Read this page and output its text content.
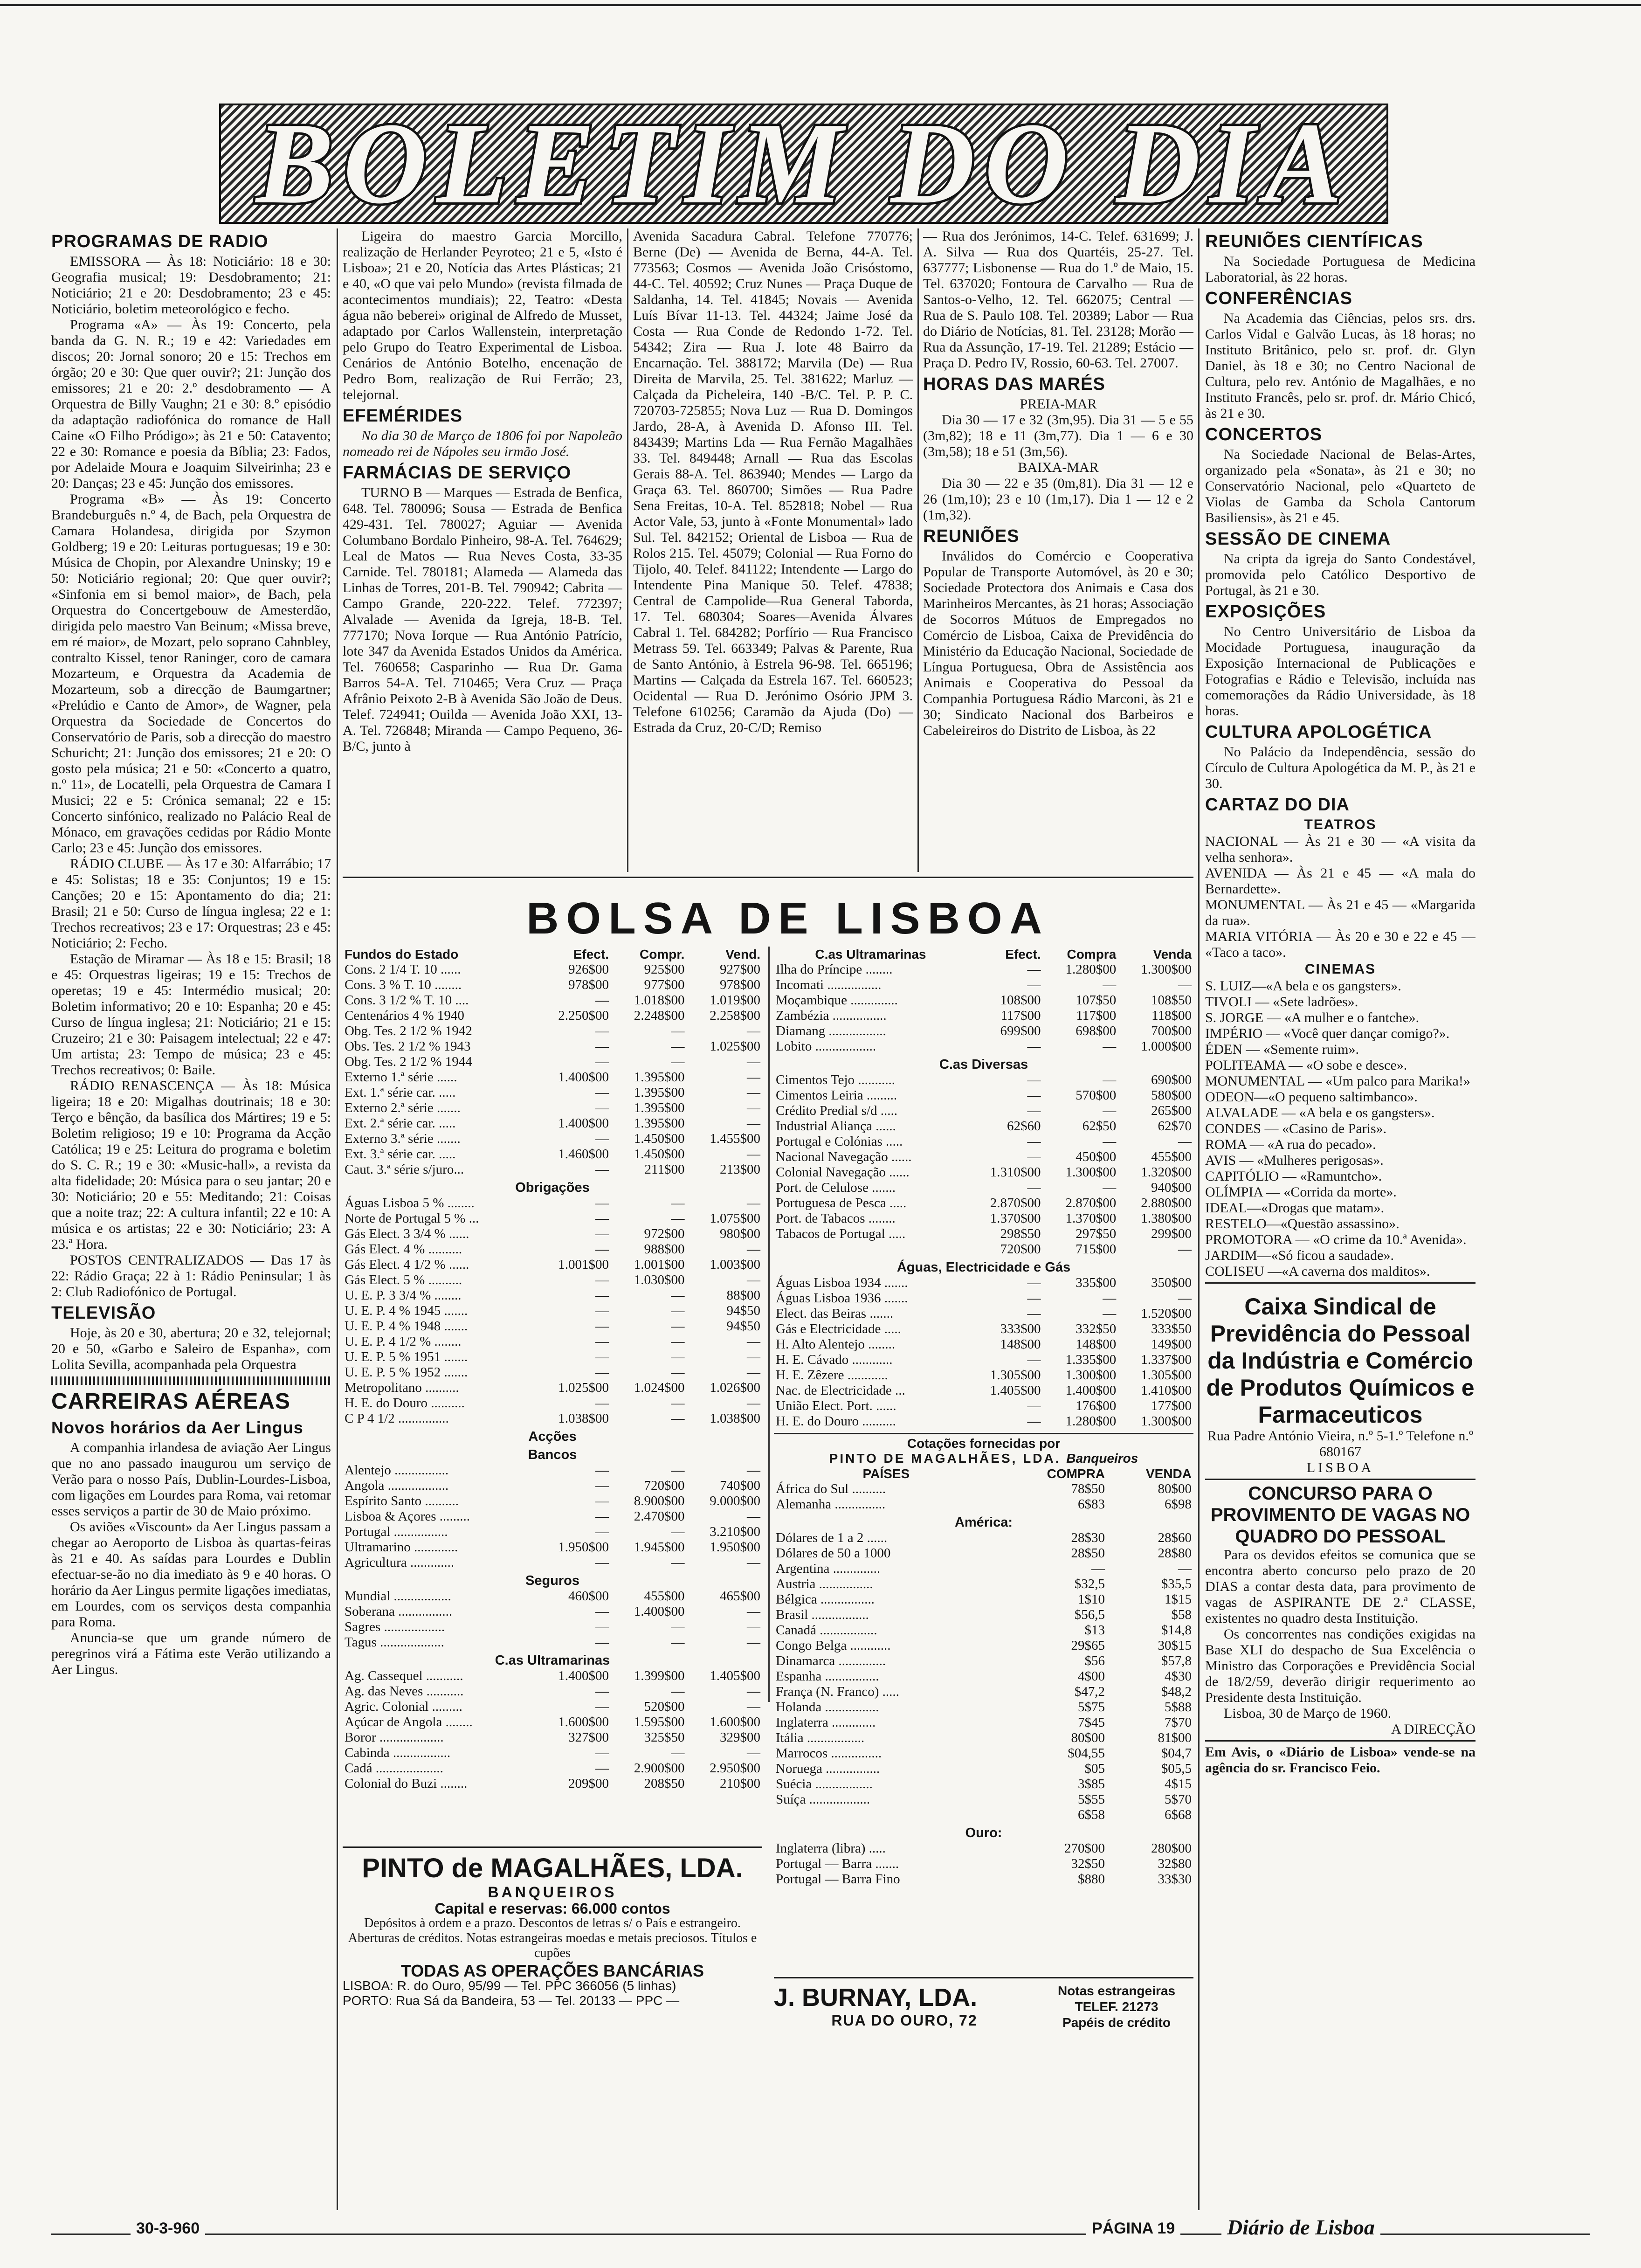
BOLETIM DO DIA
PROGRAMAS DE RADIO

EMISSORA — Às 18: Noticiário: 18 e 30: Geografia musical; 19: Desdobramento; 21: Noticiário; 21 e 20: Desdobramento; 23 e 45: Noticiário, boletim meteorológico e fecho.

Programa «A» — Às 19: Concerto, pela banda da G. N. R.; 19 e 42: Variedades em discos; 20: Jornal sonoro; 20 e 15: Trechos em órgão; 20 e 30: Que quer ouvir?; 21: Junção dos emissores; 21 e 20: 2.º desdobramento — A Orquestra de Billy Vaughn; 21 e 30: 8.º episódio da adaptação radiofónica do romance de Hall Caine «O Filho Pródigo»; às 21 e 50: Catavento; 22 e 30: Romance e poesia da Bíblia; 23: Fados, por Adelaide Moura e Joaquim Silveirinha; 23 e 20: Danças; 23 e 45: Junção dos emissores.

Programa «B» — Às 19: Concerto Brandeburguês n.º 4, de Bach, pela Orquestra de Camara Holandesa, dirigida por Szymon Goldberg; 19 e 20: Leituras portuguesas; 19 e 30: Música de Chopin, por Alexandre Uninsky; 19 e 50: Noticiário regional; 20: Que quer ouvir?; «Sinfonia em si bemol maior», de Bach, pela Orquestra do Concertgebouw de Amesterdão, dirigida pelo maestro Van Beinum; «Missa breve, em ré maior», de Mozart, pelo soprano Cahnbley, contralto Kissel, tenor Raninger, coro de camara Mozarteum, e Orquestra da Academia de Mozarteum, sob a direcção de Baumgartner; «Prelúdio e Canto de Amor», de Wagner, pela Orquestra da Sociedade de Concertos do Conservatório de Paris, sob a direcção do maestro Schuricht; 21: Junção dos emissores; 21 e 20: O gosto pela música; 21 e 50: «Concerto a quatro, n.º 11», de Locatelli, pela Orquestra de Camara I Musici; 22 e 5: Crónica semanal; 22 e 15: Concerto sinfónico, realizado no Palácio Real de Mónaco, em gravações cedidas por Rádio Monte Carlo; 23 e 45: Junção dos emissores.

RÁDIO CLUBE — Às 17 e 30: Alfarrábio; 17 e 45: Solistas; 18 e 35: Conjuntos; 19 e 15: Canções; 20 e 15: Apontamento do dia; 21: Brasil; 21 e 50: Curso de língua inglesa; 22 e 1: Trechos recreativos; 23 e 17: Orquestras; 23 e 45: Noticiário; 2: Fecho.

Estação de Miramar — Às 18 e 15: Brasil; 18 e 45: Orquestras ligeiras; 19 e 15: Trechos de operetas; 19 e 45: Intermédio musical; 20: Boletim informativo; 20 e 10: Espanha; 20 e 45: Curso de língua inglesa; 21: Noticiário; 21 e 15: Cruzeiro; 21 e 30: Paisagem intelectual; 22 e 47: Um artista; 23: Tempo de música; 23 e 45: Trechos recreativos; 0: Baile.

RÁDIO RENASCENÇA — Às 18: Música ligeira; 18 e 20: Migalhas doutrinais; 18 e 30: Terço e bênção, da basílica dos Mártires; 19 e 5: Boletim religioso; 19 e 10: Programa da Acção Católica; 19 e 25: Leitura do programa e boletim do S. C. R.; 19 e 30: «Music-hall», a revista da alta fidelidade; 20: Música para o seu jantar; 20 e 30: Noticiário; 20 e 55: Meditando; 21: Coisas que a noite traz; 22: A cultura infantil; 22 e 10: A música e os artistas; 22 e 30: Noticiário; 23: A 23.ª Hora.

POSTOS CENTRALIZADOS — Das 17 às 22: Rádio Graça; 22 à 1: Rádio Peninsular; 1 às 2: Club Radiofónico de Portugal.

TELEVISÃO

Hoje, às 20 e 30, abertura; 20 e 32, telejornal; 20 e 50, «Garbo e Saleiro de Espanha», com Lolita Sevilla, acompanhada pela Orquestra

CARREIRAS AÉREAS
Novos horários da Aer Lingus

A companhia irlandesa de aviação Aer Lingus que no ano passado inaugurou um serviço de Verão para o nosso País, Dublin-Lourdes-Lisboa, com ligações em Lourdes para Roma, vai retomar esses serviços a partir de 30 de Maio próximo.

Os aviões «Viscount» da Aer Lingus passam a chegar ao Aeroporto de Lisboa às quartas-feiras às 21 e 40. As saídas para Lourdes e Dublin efectuar-se-ão no dia imediato às 9 e 40 horas. O horário da Aer Lingus permite ligações imediatas, em Lourdes, com os serviços desta companhia para Roma.

Anuncia-se que um grande número de peregrinos virá a Fátima este Verão utilizando a Aer Lingus.

Ligeira do maestro Garcia Morcillo, realização de Herlander Peyroteo; 21 e 5, «Isto é Lisboa»; 21 e 20, Notícia das Artes Plásticas; 21 e 40, «O que vai pelo Mundo» (revista filmada de acontecimentos mundiais); 22, Teatro: «Desta água não beberei» original de Alfredo de Musset, adaptado por Carlos Wallenstein, interpretação pelo Grupo do Teatro Experimental de Lisboa. Cenários de António Botelho, encenação de Pedro Bom, realização de Rui Ferrão; 23, telejornal.

EFEMÉRIDES

No dia 30 de Março de 1806 foi por Napoleão nomeado rei de Nápoles seu irmão José.

FARMÁCIAS DE SERVIÇO

TURNO B — Marques — Estrada de Benfica, 648. Tel. 780096; Sousa — Estrada de Benfica 429-431. Tel. 780027; Aguiar — Avenida Columbano Bordalo Pinheiro, 98-A. Tel. 764629; Leal de Matos — Rua Neves Costa, 33-35 Carnide. Tel. 780181; Alameda — Alameda das Linhas de Torres, 201-B. Tel. 790942; Cabrita — Campo Grande, 220-222. Telef. 772397; Alvalade — Avenida da Igreja, 18-B. Tel. 777170; Nova Iorque — Rua António Patrício, lote 347 da Avenida Estados Unidos da América. Tel. 760658; Casparinho — Rua Dr. Gama Barros 54-A. Tel. 710465; Vera Cruz — Praça Afrânio Peixoto 2-B à Avenida São João de Deus. Telef. 724941; Ouilda — Avenida João XXI, 13-A. Tel. 726848; Miranda — Campo Pequeno, 36-B/C, junto à

Avenida Sacadura Cabral. Telefone 770776; Berne (De) — Avenida de Berna, 44-A. Tel. 773563; Cosmos — Avenida João Crisóstomo, 44-C. Tel. 40592; Cruz Nunes — Praça Duque de Saldanha, 14. Tel. 41845; Novais — Avenida Luís Bívar 11-13. Tel. 44324; Jaime José da Costa — Rua Conde de Redondo 1-72. Tel. 54342; Zira — Rua J. lote 48 Bairro da Encarnação. Tel. 388172; Marvila (De) — Rua Direita de Marvila, 25. Tel. 381622; Marluz — Calçada da Picheleira, 140 -B/C. Tel. P. P. C. 720703-725855; Nova Luz — Rua D. Domingos Jardo, 28-A, à Avenida D. Afonso III. Tel. 843439; Martins Lda — Rua Fernão Magalhães 33. Tel. 849448; Arnall — Rua das Escolas Gerais 88-A. Tel. 863940; Mendes — Largo da Graça 63. Tel. 860700; Simões — Rua Padre Sena Freitas, 10-A. Tel. 852818; Nobel — Rua Actor Vale, 53, junto à «Fonte Monumental» lado Sul. Tel. 842152; Oriental de Lisboa — Rua de Rolos 215. Tel. 45079; Colonial — Rua Forno do Tijolo, 40. Telef. 841122; Intendente — Largo do Intendente Pina Manique 50. Telef. 47838; Central de Campolide—Rua General Taborda, 17. Tel. 680304; Soares—Avenida Álvares Cabral 1. Tel. 684282; Porfírio — Rua Francisco Metrass 59. Tel. 663349; Palvas & Parente, Rua de Santo António, à Estrela 96-98. Tel. 665196; Martins — Calçada da Estrela 167. Tel. 660523; Ocidental — Rua D. Jerónimo Osório JPM 3. Telefone 610256; Caramão da Ajuda (Do) — Estrada da Cruz, 20-C/D; Remiso

— Rua dos Jerónimos, 14-C. Telef. 631699; J. A. Silva — Rua dos Quartéis, 25-27. Tel. 637777; Lisbonense — Rua do 1.º de Maio, 15. Tel. 637020; Fontoura de Carvalho — Rua de Santos-o-Velho, 12. Tel. 662075; Central — Rua de S. Paulo 108. Tel. 20389; Labor — Rua do Diário de Notícias, 81. Tel. 23128; Morão — Rua da Assunção, 17-19. Tel. 21289; Estácio — Praça D. Pedro IV, Rossio, 60-63. Tel. 27007.

HORAS DAS MARÉS
PREIA-MAR

Dia 30 — 17 e 32 (3m,95). Dia 31 — 5 e 55 (3m,82); 18 e 11 (3m,77). Dia 1 — 6 e 30 (3m,58); 18 e 51 (3m,56).

BAIXA-MAR

Dia 30 — 22 e 35 (0m,81). Dia 31 — 12 e 26 (1m,10); 23 e 10 (1m,17). Dia 1 — 12 e 2 (1m,32).

REUNIÕES

Inválidos do Comércio e Cooperativa Popular de Transporte Automóvel, às 20 e 30; Sociedade Protectora dos Animais e Casa dos Marinheiros Mercantes, às 21 horas; Associação de Socorros Mútuos de Empregados no Comércio de Lisboa, Caixa de Previdência do Ministério da Educação Nacional, Sociedade de Língua Portuguesa, Obra de Assistência aos Animais e Cooperativa do Pessoal da Companhia Portuguesa Rádio Marconi, às 21 e 30; Sindicato Nacional dos Barbeiros e Cabeleireiros do Distrito de Lisboa, às 22

REUNIÕES CIENTÍFICAS

Na Sociedade Portuguesa de Medicina Laboratorial, às 22 horas.

CONFERÊNCIAS

Na Academia das Ciências, pelos srs. drs. Carlos Vidal e Galvão Lucas, às 18 horas; no Instituto Britânico, pelo sr. prof. dr. Glyn Daniel, às 18 e 30; no Centro Nacional de Cultura, pelo rev. António de Magalhães, e no Instituto Francês, pelo sr. prof. dr. Mário Chicó, às 21 e 30.

CONCERTOS

Na Sociedade Nacional de Belas-Artes, organizado pela «Sonata», às 21 e 30; no Conservatório Nacional, pelo «Quarteto de Violas de Gamba da Schola Cantorum Basiliensis», às 21 e 45.

SESSÃO DE CINEMA

Na cripta da igreja do Santo Condestável, promovida pelo Católico Desportivo de Portugal, às 21 e 30.

EXPOSIÇÕES

No Centro Universitário de Lisboa da Mocidade Portuguesa, inauguração da Exposição Internacional de Publicações e Fotografias e Rádio e Televisão, incluída nas comemorações da Rádio Universidade, às 18 horas.

CULTURA APOLOGÉTICA

No Palácio da Independência, sessão do Círculo de Cultura Apologética da M. P., às 21 e 30.

CARTAZ DO DIA
TEATROS
NACIONAL — Às 21 e 30 — «A visita da velha senhora».
AVENIDA — Às 21 e 45 — «A mala do Bernardette».
MONUMENTAL — Às 21 e 45 — «Margarida da rua».
MARIA VITÓRIA — Às 20 e 30 e 22 e 45 — «Taco a taco».
CINEMAS
S. LUIZ—«A bela e os gangsters».
TIVOLI — «Sete ladrões».
S. JORGE — «A mulher e o fantche».
IMPÉRIO — «Você quer dançar comigo?».
ÉDEN — «Semente ruim».
POLITEAMA — «O sobe e desce».
MONUMENTAL — «Um palco para Marika!»
ODEON—«O pequeno saltimbanco».
ALVALADE — «A bela e os gangsters».
CONDES — «Casino de Paris».
ROMA — «A rua do pecado».
AVIS — «Mulheres perigosas».
CAPITÓLIO — «Ramuntcho».
OLÍMPIA — «Corrida da morte».
IDEAL—«Drogas que matam».
RESTELO—«Questão assassino».
PROMOTORA — «O crime da 10.ª Avenida».
JARDIM—«Só ficou a saudade».
COLISEU —«A caverna dos malditos».
Caixa Sindical de Previdência do Pessoal da Indústria e Comércio de Produtos Químicos e Farmaceuticos
Rua Padre António Vieira, n.º 5-1.º Telefone n.º 680167
LISBOA
CONCURSO PARA O PROVIMENTO DE VAGAS NO QUADRO DO PESSOAL

Para os devidos efeitos se comunica que se encontra aberto concurso pelo prazo de 20 DIAS a contar desta data, para provimento de vagas de ASPIRANTE DE 2.ª CLASSE, existentes no quadro desta Instituição.

Os concorrentes nas condições exigidas na Base XLI do despacho de Sua Excelência o Ministro das Corporações e Previdência Social de 18/2/59, deverão dirigir requerimento ao Presidente desta Instituição.

Lisboa, 30 de Março de 1960.

A DIRECÇÃO

Em Avis, o «Diário de Lisboa» vende-se na agência do sr. Francisco Feio.

BOLSA DE LISBOA
Fundos do Estado	Efect.	Compr.	Vend.
Cons. 2 1/4 T. 10 ......	926$00	925$00	927$00
Cons. 3 % T. 10 ........	978$00	977$00	978$00
Cons. 3 1/2 % T. 10 ....	—	1.018$00	1.019$00
Centenários 4 % 1940	2.250$00	2.248$00	2.258$00
Obg. Tes. 2 1/2 % 1942	—	—	—
Obs. Tes. 2 1/2 % 1943	—	—	1.025$00
Obg. Tes. 2 1/2 % 1944	—	—	—
Externo 1.ª série ......	1.400$00	1.395$00	—
Ext. 1.ª série car. .....	—	1.395$00	—
Externo 2.ª série .......	—	1.395$00	—
Ext. 2.ª série car. .....	1.400$00	1.395$00	—
Externo 3.ª série .......	—	1.450$00	1.455$00
Ext. 3.ª série car. .....	1.460$00	1.450$00	—
Caut. 3.ª série s/juro...	—	211$00	213$00
Obrigações			
Águas Lisboa 5 % ........	—	—	—
Norte de Portugal 5 % ...	—	—	1.075$00
Gás Elect. 3 3/4 % ......	—	972$00	980$00
Gás Elect. 4 % ..........	—	988$00	—
Gás Elect. 4 1/2 % ......	1.001$00	1.001$00	1.003$00
Gás Elect. 5 % ..........	—	1.030$00	—
U. E. P. 3 3/4 % ........	—	—	88$00
U. E. P. 4 % 1945 .......	—	—	94$50
U. E. P. 4 % 1948 .......	—	—	94$50
U. E. P. 4 1/2 % ........	—	—	—
U. E. P. 5 % 1951 .......	—	—	—
U. E. P. 5 % 1952 .......	—	—	—
Metropolitano ..........	1.025$00	1.024$00	1.026$00
H. E. do Douro ..........	—	—	—
C P 4 1/2 ...............	1.038$00	—	1.038$00
Acções			
Bancos			
Alentejo ................	—	—	—
Angola ..................	—	720$00	740$00
Espírito Santo ..........	—	8.900$00	9.000$00
Lisboa & Açores .........	—	2.470$00	—
Portugal ................	—	—	3.210$00
Ultramarino .............	1.950$00	1.945$00	1.950$00
Agricultura .............	—	—	—
Seguros			
Mundial .................	460$00	455$00	465$00
Soberana ................	—	1.400$00	—
Sagres ..................	—	—	—
Tagus ...................	—	—	—
C.as Ultramarinas			
Ag. Cassequel ...........	1.400$00	1.399$00	1.405$00
Ag. das Neves ...........	—	—	—
Agric. Colonial .........	—	520$00	—
Açúcar de Angola ........	1.600$00	1.595$00	1.600$00
Boror ...................	327$00	325$50	329$00
Cabinda .................	—	—	—
Cadá ....................	—	2.900$00	2.950$00
Colonial do Buzi ........	209$00	208$50	210$00
C.as Ultramarinas	Efect.	Compra	Venda
Ilha do Príncipe ........	—	1.280$00	1.300$00
Incomati ................	—	—	—
Moçambique ..............	108$00	107$50	108$50
Zambézia ................	117$00	117$00	118$00
Diamang .................	699$00	698$00	700$00
Lobito ..................	—	—	1.000$00
C.as Diversas			
Cimentos Tejo ...........	—	—	690$00
Cimentos Leiria .........	—	570$00	580$00
Crédito Predial s/d .....	—	—	265$00
Industrial Aliança ......	62$60	62$50	62$70
Portugal e Colónias .....	—	—	—
Nacional Navegação ......	—	450$00	455$00
Colonial Navegação ......	1.310$00	1.300$00	1.320$00
Port. de Celulose .......	—	—	940$00
Portuguesa de Pesca .....	2.870$00	2.870$00	2.880$00
Port. de Tabacos ........	1.370$00	1.370$00	1.380$00
Tabacos de Portugal .....	298$50	297$50	299$00
	720$00	715$00	—
Águas, Electricidade e Gás			
Águas Lisboa 1934 .......	—	335$00	350$00
Águas Lisboa 1936 .......	—	—	—
Elect. das Beiras .......	—	—	1.520$00
Gás e Electricidade .....	333$00	332$50	333$50
H. Alto Alentejo ........	148$00	148$00	149$00
H. E. Cávado ............	—	1.335$00	1.337$00
H. E. Zêzere ............	1.305$00	1.300$00	1.305$00
Nac. de Electricidade ...	1.405$00	1.400$00	1.410$00
União Elect. Port. ......	—	176$00	177$00
H. E. do Douro ..........	—	1.280$00	1.300$00
Cotações fornecidas por
PINTO DE MAGALHÃES, LDA. Banqueiros
PAÍSES	COMPRA	VENDA
África do Sul ..........	78$50	80$00
Alemanha ...............	6$83	6$98
América:		
Dólares de 1 a 2 ......	28$30	28$60
Dólares de 50 a 1000	28$50	28$80
Argentina ..............	—	—
Austria ................	$32,5	$35,5
Bélgica ................	1$10	1$15
Brasil .................	$56,5	$58
Canadá .................	$13	$14,8
Congo Belga ............	29$65	30$15
Dinamarca ..............	$56	$57,8
Espanha ................	4$00	4$30
França (N. Franco) .....	$47,2	$48,2
Holanda ................	5$75	5$88
Inglaterra .............	7$45	7$70
Itália .................	80$00	81$00
Marrocos ...............	$04,55	$04,7
Noruega ................	$05	$05,5
Suécia .................	3$85	4$15
Suíça ..................	5$55	5$70
	6$58	6$68
Ouro:		
Inglaterra (libra) .....	270$00	280$00
Portugal — Barra .......	32$50	32$80
Portugal — Barra Fino	$880	33$30
PINTO de MAGALHÃES, LDA.
BANQUEIROS
Capital e reservas: 66.000 contos
Depósitos à ordem e a prazo. Descontos de letras s/ o País e estrangeiro. Aberturas de créditos. Notas estrangeiras moedas e metais preciosos. Títulos e cupões
TODAS AS OPERAÇÕES BANCÁRIAS
LISBOA: R. do Ouro, 95/99 — Tel. PPC 366056 (5 linhas)
PORTO: Rua Sá da Bandeira, 53 — Tel. 20133 — PPC —	J. BURNAY, LDA.
RUA DO OURO, 72
Notas estrangeiras
TELEF. 21273
Papéis de crédito
30-3-960	PÁGINA 19 Diário de Lisboa
